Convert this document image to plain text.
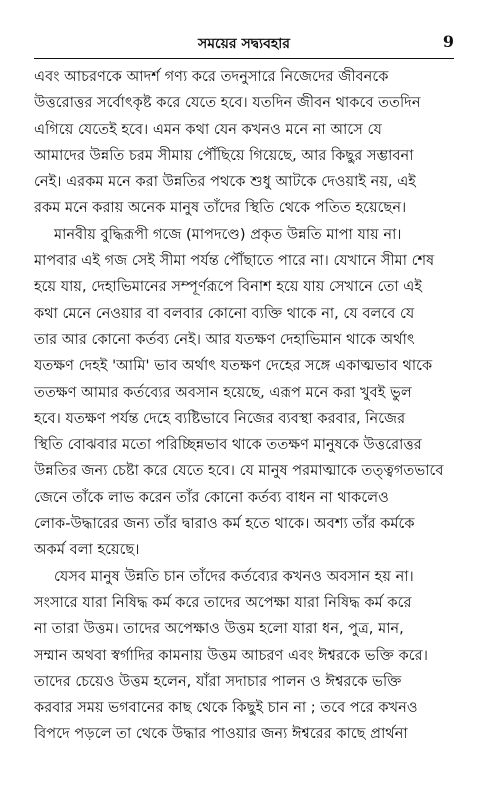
সময়ের সদ্ব্যবহার	9
এবং আচরণকে আদর্শ গণ্য করে তদনুসারে নিজেদের জীবনকে
উত্তরোত্তর সর্বোৎকৃষ্ট করে যেতে হবে। যতদিন জীবন থাকবে ততদিন
এগিয়ে যেতেই হবে। এমন কথা যেন কখনও মনে না আসে যে
আমাদের উন্নতি চরম সীমায় পৌঁছিয়ে গিয়েছে, আর কিছুর সম্ভাবনা
নেই। এরকম মনে করা উন্নতির পথকে শুধু আটকে দেওয়াই নয়, এই
রকম মনে করায় অনেক মানুষ তাঁদের স্থিতি থেকে পতিত হয়েছেন।
মানবীয় বুদ্ধিরূপী গজে (মাপদণ্ডে) প্রকৃত উন্নতি মাপা যায় না।
মাপবার এই গজ সেই সীমা পর্যন্ত পৌঁছাতে পারে না। যেখানে সীমা শেষ
হয়ে যায়, দেহাভিমানের সম্পূর্ণরূপে বিনাশ হয়ে যায় সেখানে তো এই
কথা মেনে নেওয়ার বা বলবার কোনো ব্যক্তি থাকে না, যে বলবে যে
তার আর কোনো কর্তব্য নেই। আর যতক্ষণ দেহাভিমান থাকে অর্থাৎ
যতক্ষণ দেহই 'আমি' ভাব অর্থাৎ যতক্ষণ দেহের সঙ্গে একাত্মভাব থাকে
ততক্ষণ আমার কর্তব্যের অবসান হয়েছে, এরূপ মনে করা খুবই ভুল
হবে। যতক্ষণ পর্যন্ত দেহে ব্যষ্টিভাবে নিজের ব্যবস্থা করবার, নিজের
স্থিতি বোঝবার মতো পরিচ্ছিন্নভাব থাকে ততক্ষণ মানুষকে উত্তরোত্তর
উন্নতির জন্য চেষ্টা করে যেতে হবে। যে মানুষ পরমাত্মাকে তত্ত্বগতভাবে
জেনে তাঁকে লাভ করেন তাঁর কোনো কর্তব্য বাধন না থাকলেও
লোক-উদ্ধারের জন্য তাঁর দ্বারাও কর্ম হতে থাকে। অবশ্য তাঁর কর্মকে
অকর্ম বলা হয়েছে।
যেসব মানুষ উন্নতি চান তাঁদের কর্তব্যের কখনও অবসান হয় না।
সংসারে যারা নিষিদ্ধ কর্ম করে তাদের অপেক্ষা যারা নিষিদ্ধ কর্ম করে
না তারা উত্তম। তাদের অপেক্ষাও উত্তম হলো যারা ধন, পুত্র, মান,
সম্মান অথবা স্বর্গাদির কামনায় উত্তম আচরণ এবং ঈশ্বরকে ভক্তি করে।
তাদের চেয়েও উত্তম হলেন, যাঁরা সদাচার পালন ও ঈশ্বরকে ভক্তি
করবার সময় ভগবানের কাছ থেকে কিছুই চান না ; তবে পরে কখনও
বিপদে পড়লে তা থেকে উদ্ধার পাওয়ার জন্য ঈশ্বরের কাছে প্রার্থনা
